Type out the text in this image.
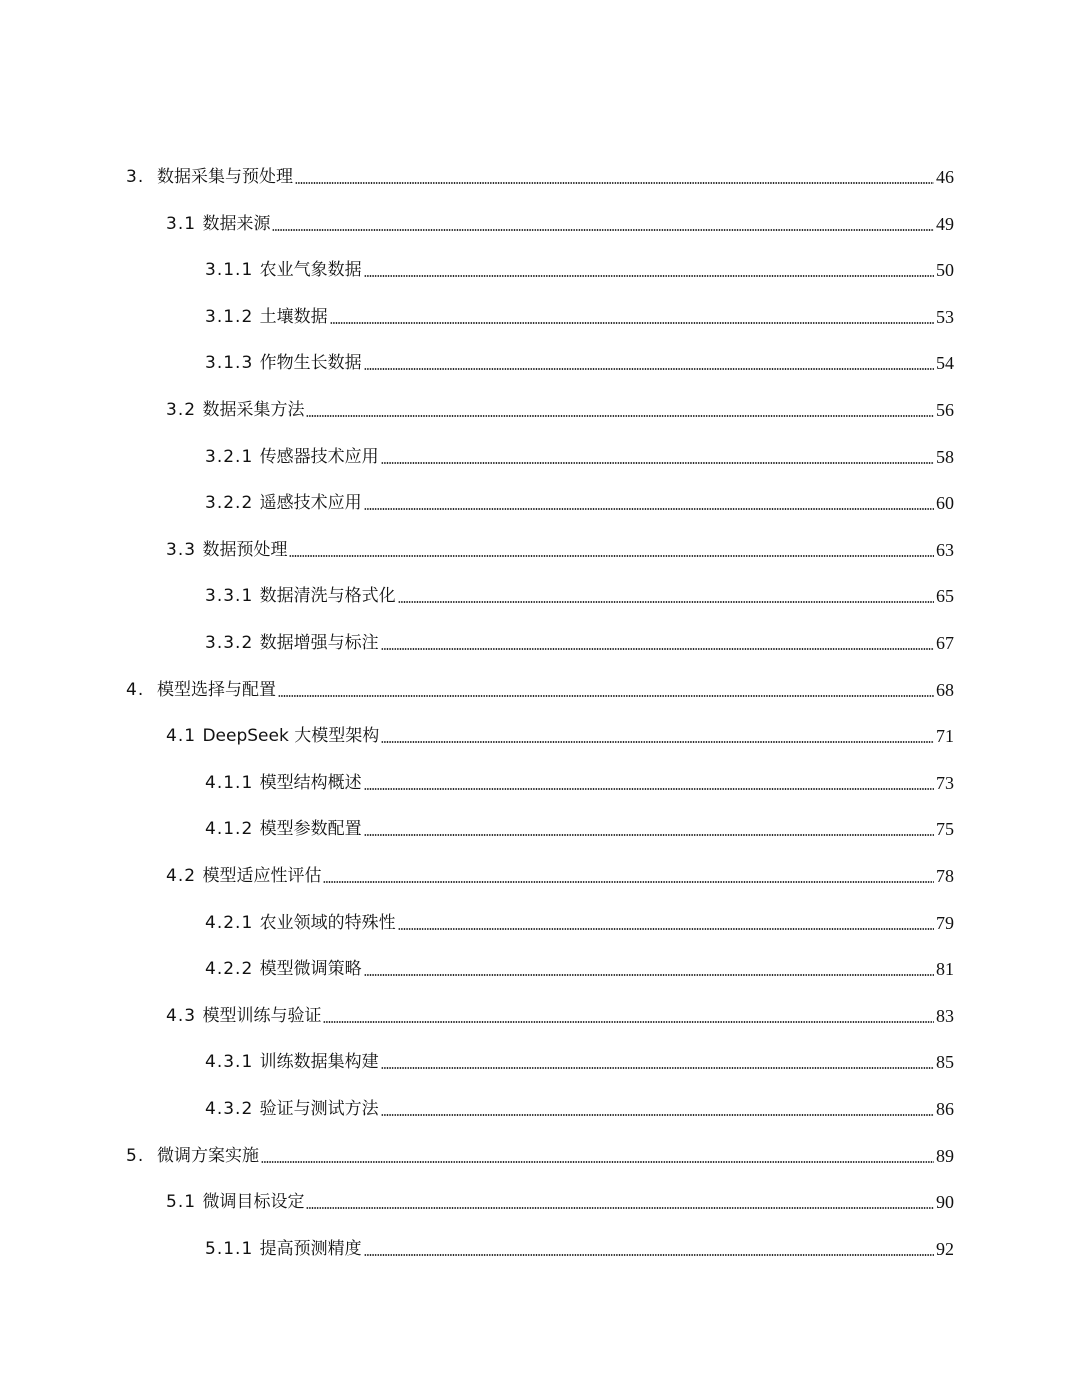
3. 数据采集与预处理	46
3.1 数据来源	49
3.1.1 农业气象数据	50
3.1.2 土壤数据	53
3.1.3 作物生长数据	54
3.2 数据采集方法	56
3.2.1 传感器技术应用	58
3.2.2 遥感技术应用	60
3.3 数据预处理	63
3.3.1 数据清洗与格式化	65
3.3.2 数据增强与标注	67
4. 模型选择与配置	68
4.1 DeepSeek 大模型架构	71
4.1.1 模型结构概述	73
4.1.2 模型参数配置	75
4.2 模型适应性评估	78
4.2.1 农业领域的特殊性	79
4.2.2 模型微调策略	81
4.3 模型训练与验证	83
4.3.1 训练数据集构建	85
4.3.2 验证与测试方法	86
5. 微调方案实施	89
5.1 微调目标设定	90
5.1.1 提高预测精度	92
